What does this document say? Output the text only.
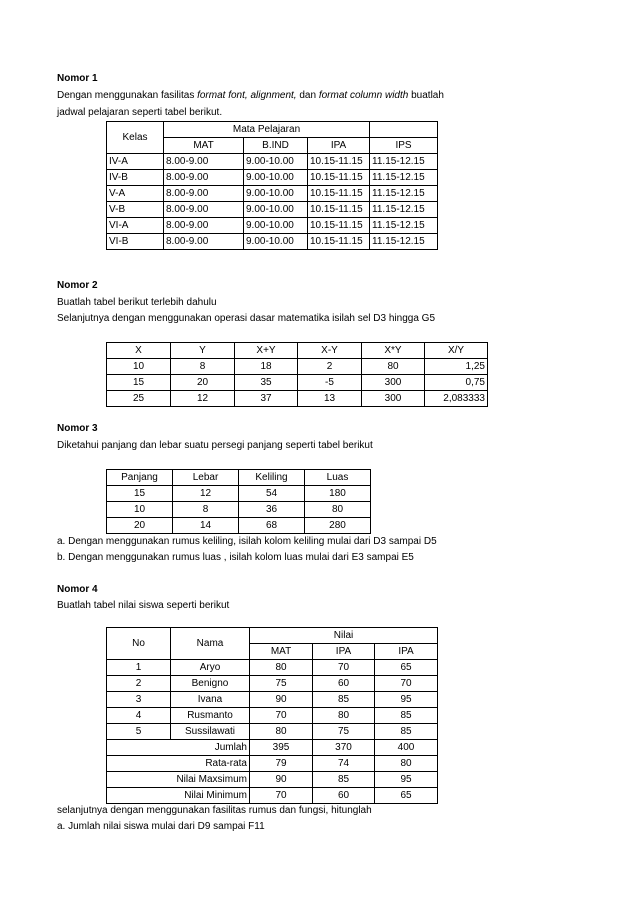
Nomor 1
Dengan menggunakan fasilitas format font, alignment, dan format column width buatlah
jadwal pelajaran seperti tabel berikut.
Kelas	Mata Pelajaran			
	MAT	B.IND	IPA	IPS
IV-A	8.00-9.00	9.00-10.00	10.15-11.15	11.15-12.15
IV-B	8.00-9.00	9.00-10.00	10.15-11.15	11.15-12.15
V-A	8.00-9.00	9.00-10.00	10.15-11.15	11.15-12.15
V-B	8.00-9.00	9.00-10.00	10.15-11.15	11.15-12.15
VI-A	8.00-9.00	9.00-10.00	10.15-11.15	11.15-12.15
VI-B	8.00-9.00	9.00-10.00	10.15-11.15	11.15-12.15
Nomor 2
Buatlah tabel berikut terlebih dahulu
Selanjutnya dengan menggunakan operasi dasar matematika isilah sel D3 hingga G5
X	Y	X+Y	X-Y	X*Y	X/Y
10	8	18	2	80	1,25
15	20	35	-5	300	0,75
25	12	37	13	300	2,083333
Nomor 3
Diketahui panjang dan lebar suatu persegi panjang seperti tabel berikut
Panjang	Lebar	Keliling	Luas
15	12	54	180
10	8	36	80
20	14	68	280
a. Dengan menggunakan rumus keliling, isilah kolom keliling mulai dari D3 sampai D5
b. Dengan menggunakan rumus luas , isilah kolom luas mulai dari E3 sampai E5
Nomor 4
Buatlah tabel nilai siswa seperti berikut
No	Nama	Nilai		
		MAT	IPA	IPA
1	Aryo	80	70	65
2	Benigno	75	60	70
3	Ivana	90	85	95
4	Rusmanto	70	80	85
5	Sussilawati	80	75	85
Jumlah		395	370	400
Rata-rata		79	74	80
Nilai Maxsimum		90	85	95
Nilai Minimum		70	60	65
selanjutnya dengan menggunakan fasilitas rumus dan fungsi, hitunglah
a. Jumlah nilai siswa mulai dari D9 sampai F11
